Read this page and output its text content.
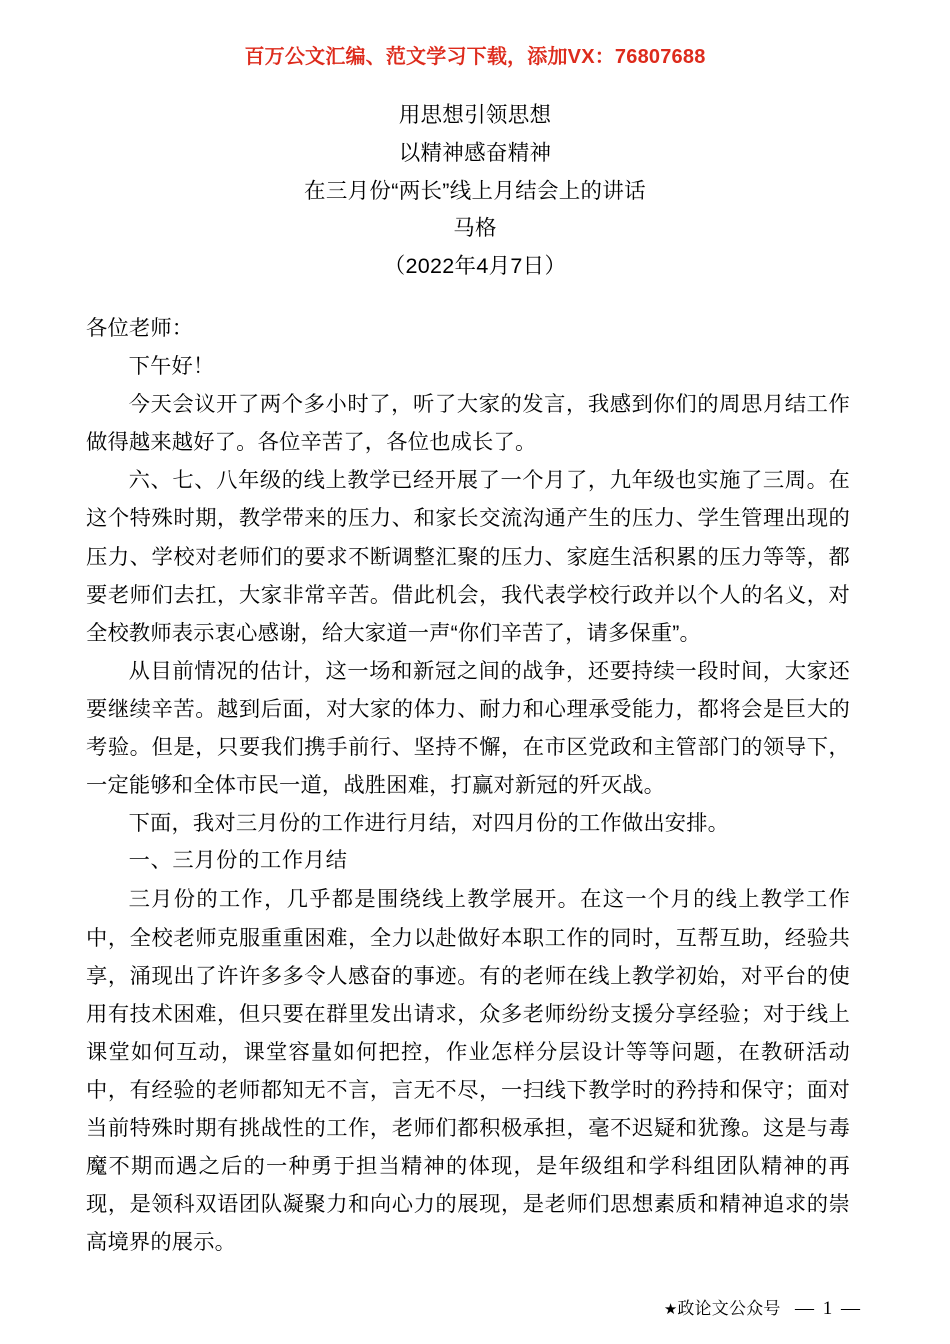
百万公文汇编、范文学习下载，添加VX：76807688
用思想引领思想
以精神感奋精神
在三月份“两长”线上月结会上的讲话
马格
（2022年4月7日）

各位老师：

下午好！

今天会议开了两个多小时了，听了大家的发言，我感到你们的周思月结工作做得越来越好了。各位辛苦了，各位也成长了。

六、七、八年级的线上教学已经开展了一个月了，九年级也实施了三周。在这个特殊时期，教学带来的压力、和家长交流沟通产生的压力、学生管理出现的压力、学校对老师们的要求不断调整汇聚的压力、家庭生活积累的压力等等，都要老师们去扛，大家非常辛苦。借此机会，我代表学校行政并以个人的名义，对全校教师表示衷心感谢，给大家道一声“你们辛苦了，请多保重”。

从目前情况的估计，这一场和新冠之间的战争，还要持续一段时间，大家还要继续辛苦。越到后面，对大家的体力、耐力和心理承受能力，都将会是巨大的考验。但是，只要我们携手前行、坚持不懈，在市区党政和主管部门的领导下，一定能够和全体市民一道，战胜困难，打赢对新冠的歼灭战。

下面，我对三月份的工作进行月结，对四月份的工作做出安排。

一、三月份的工作月结

三月份的工作，几乎都是围绕线上教学展开。在这一个月的线上教学工作中，全校老师克服重重困难，全力以赴做好本职工作的同时，互帮互助，经验共享，涌现出了许许多多令人感奋的事迹。有的老师在线上教学初始，对平台的使用有技术困难，但只要在群里发出请求，众多老师纷纷支援分享经验；对于线上课堂如何互动，课堂容量如何把控，作业怎样分层设计等等问题，在教研活动中，有经验的老师都知无不言，言无不尽，一扫线下教学时的矜持和保守；面对当前特殊时期有挑战性的工作，老师们都积极承担，毫不迟疑和犹豫。这是与毒魔不期而遇之后的一种勇于担当精神的体现，是年级组和学科组团队精神的再现，是领科双语团队凝聚力和向心力的展现，是老师们思想素质和精神追求的崇高境界的展示。

★政论文公众号 — 1 —
